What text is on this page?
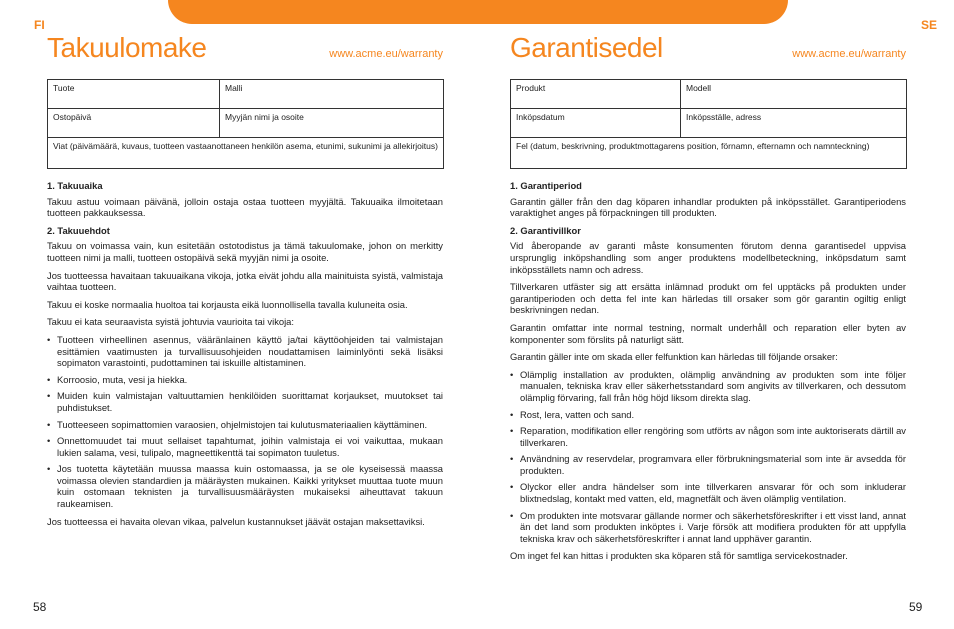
FI	SE
Takuulomake	www.acme.eu/warranty
Tuote	Malli
Ostopäivä	Myyjän nimi ja osoite
Viat (päivämäärä, kuvaus, tuotteen vastaanottaneen henkilön asema, etunimi, sukunimi ja allekirjoitus)	
1. Takuuaika

Takuu astuu voimaan päivänä, jolloin ostaja ostaa tuotteen myyjältä. Takuuaika ilmoitetaan tuotteen pakkauksessa.

2. Takuuehdot

Takuu on voimassa vain, kun esitetään ostotodistus ja tämä takuulomake, johon on merkitty tuotteen nimi ja malli, tuotteen ostopäivä sekä myyjän nimi ja osoite.

Jos tuotteessa havaitaan takuuaikana vikoja, jotka eivät johdu alla mainituista syistä, valmistaja vaihtaa tuotteen.

Takuu ei koske normaalia huoltoa tai korjausta eikä luonnollisella tavalla kuluneita osia.

Takuu ei kata seuraavista syistä johtuvia vaurioita tai vikoja:

• Tuotteen virheellinen asennus, vääränlainen käyttö ja/tai käyttöohjeiden tai valmistajan esittämien vaatimusten ja turvallisuusohjeiden noudattamisen laiminlyönti sekä lisäksi sopimaton varastointi, pudottaminen tai iskuille altistaminen.
• Korroosio, muta, vesi ja hiekka.
• Muiden kuin valmistajan valtuuttamien henkilöiden suorittamat korjaukset, muutokset tai puhdistukset.
• Tuotteeseen sopimattomien varaosien, ohjelmistojen tai kulutusmateriaalien käyttäminen.
• Onnettomuudet tai muut sellaiset tapahtumat, joihin valmistaja ei voi vaikuttaa, mukaan lukien salama, vesi, tulipalo, magneettikenttä tai sopimaton tuuletus.
• Jos tuotetta käytetään muussa maassa kuin ostomaassa, ja se ole kyseisessä maassa voimassa olevien standardien ja määräysten mukainen. Kaikki yritykset muuttaa tuote muun kuin ostomaan teknisten ja turvallisuusmääräysten mukaiseksi aiheuttavat takuun raukeamisen.

Jos tuotteessa ei havaita olevan vikaa, palvelun kustannukset jäävät ostajan maksettaviksi.

Garantisedel	www.acme.eu/warranty
Produkt	Modell
Inköpsdatum	Inköpsställe, adress
Fel (datum, beskrivning, produktmottagarens position, förnamn, efternamn och namnteckning)	
1. Garantiperiod

Garantin gäller från den dag köparen inhandlar produkten på inköpsstället. Garantiperiodens varaktighet anges på förpackningen till produkten.

2. Garantivillkor

Vid åberopande av garanti måste konsumenten förutom denna garantisedel uppvisa ursprunglig inköpshandling som anger produktens modellbeteckning, inköpsdatum samt inköpsställets namn och adress.

Tillverkaren utfäster sig att ersätta inlämnad produkt om fel upptäcks på produkten under garantiperioden och detta fel inte kan härledas till orsaker som gör garantin ogiltig enligt beskrivningen nedan.

Garantin omfattar inte normal testning, normalt underhåll och reparation eller byten av komponenter som förslits på naturligt sätt.

Garantin gäller inte om skada eller felfunktion kan härledas till följande orsaker:

• Olämplig installation av produkten, olämplig användning av produkten som inte följer manualen, tekniska krav eller säkerhetsstandard som angivits av tillverkaren, och dessutom olämplig förvaring, fall från hög höjd liksom direkta slag.
• Rost, lera, vatten och sand.
• Reparation, modifikation eller rengöring som utförts av någon som inte auktoriserats därtill av tillverkaren.
• Användning av reservdelar, programvara eller förbrukningsmaterial som inte är avsedda för produkten.
• Olyckor eller andra händelser som inte tillverkaren ansvarar för och som inkluderar blixtnedslag, kontakt med vatten, eld, magnetfält och även olämplig ventilation.
• Om produkten inte motsvarar gällande normer och säkerhetsföreskrifter i ett visst land, annat än det land som produkten inköptes i. Varje försök att modifiera produkten för att uppfylla tekniska krav och säkerhetsföreskrifter i annat land upphäver garantin.

Om inget fel kan hittas i produkten ska köparen stå för samtliga servicekostnader.

58	59
